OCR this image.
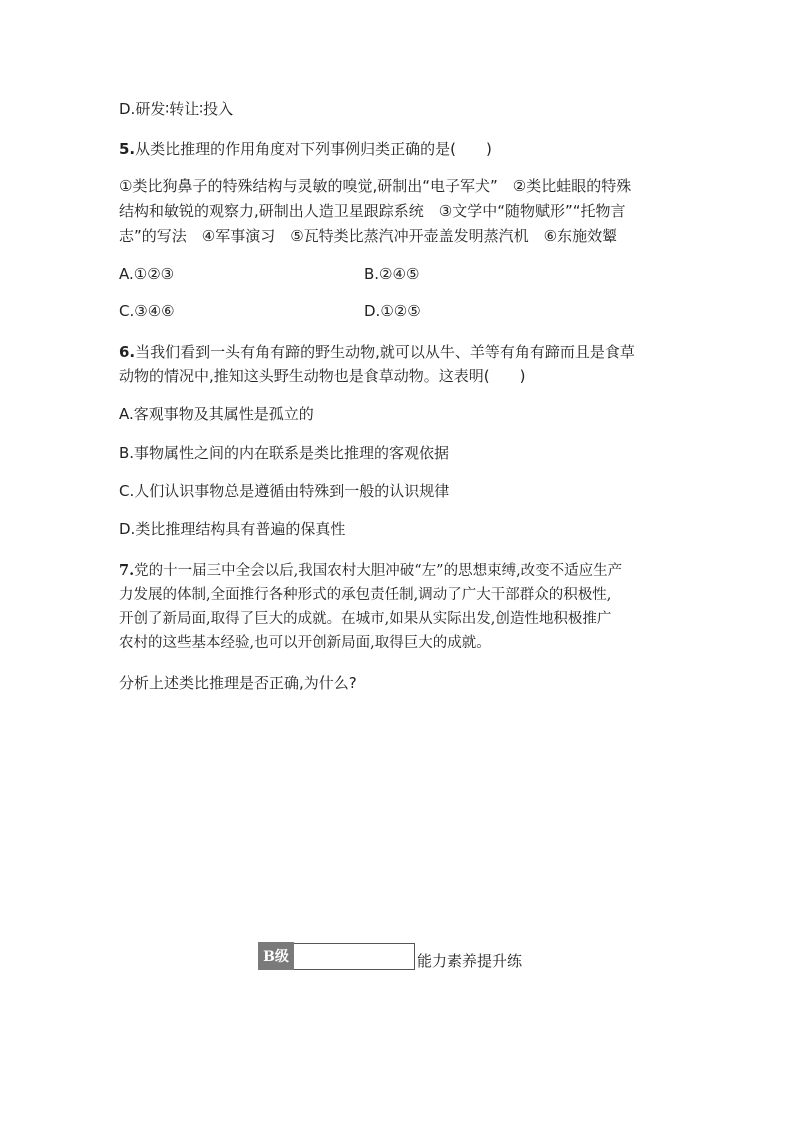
D.研发∶转让∶投入
5.从类比推理的作用角度对下列事例归类正确的是(　　)
①类比狗鼻子的特殊结构与灵敏的嗅觉,研制出“电子军犬”　②类比蛙眼的特殊
结构和敏锐的观察力,研制出人造卫星跟踪系统　③文学中“随物赋形”“托物言
志”的写法　④军事演习　⑤瓦特类比蒸汽冲开壶盖发明蒸汽机　⑥东施效颦
A.①②③	B.②④⑤
C.③④⑥	D.①②⑤
6.当我们看到一头有角有蹄的野生动物,就可以从牛、羊等有角有蹄而且是食草
动物的情况中,推知这头野生动物也是食草动物。这表明(　　)
A.客观事物及其属性是孤立的
B.事物属性之间的内在联系是类比推理的客观依据
C.人们认识事物总是遵循由特殊到一般的认识规律
D.类比推理结构具有普遍的保真性
7.党的十一届三中全会以后,我国农村大胆冲破“左”的思想束缚,改变不适应生产
力发展的体制,全面推行各种形式的承包责任制,调动了广大干部群众的积极性,
开创了新局面,取得了巨大的成就。在城市,如果从实际出发,创造性地积极推广
农村的这些基本经验,也可以开创新局面,取得巨大的成就。
分析上述类比推理是否正确,为什么?
B级	能力素养提升练
